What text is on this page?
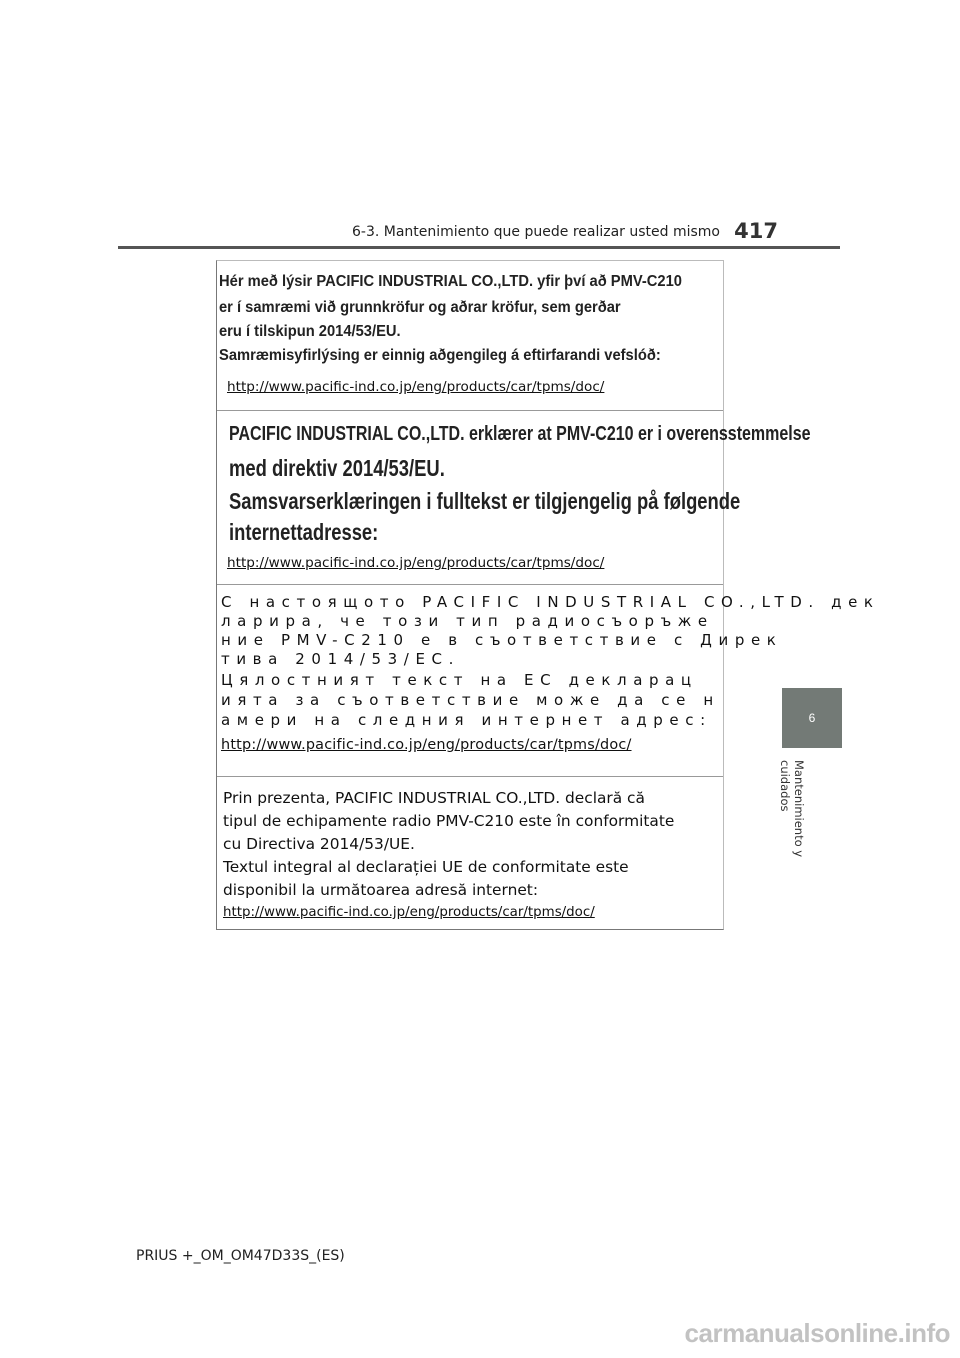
6-3. Mantenimiento que puede realizar usted mismo 417
6
Mantenimiento y cuidados
Hér með lýsir PACIFIC INDUSTRIAL CO.,LTD. yfir því að PMV-C210
er í samræmi við grunnkröfur og aðrar kröfur, sem gerðar
eru í tilskipun 2014/53/EU.
Samræmisyfirlýsing er einnig aðgengileg á eftirfarandi vefslóð:
http://www.pacific-ind.co.jp/eng/products/car/tpms/doc/
PACIFIC INDUSTRIAL CO.,LTD. erklærer at PMV-C210 er i overensstemmelse
med direktiv 2014/53/EU.
Samsvarserklæringen i fulltekst er tilgjengelig på følgende
internettadresse:
http://www.pacific-ind.co.jp/eng/products/car/tpms/doc/
С настоящото PACIFIC INDUSTRIAL CO.,LTD. дек
ларира, че този тип радиосъоръже
ние PMV-C210 е в съответствие с Дирек
тива 2014/53/ЕС.
Цялостният текст на ЕС декларац
ията за съответствие може да се н
амери на следния интернет адрес:
http://www.pacific-ind.co.jp/eng/products/car/tpms/doc/
Prin prezenta, PACIFIC INDUSTRIAL CO.,LTD. declară că
tipul de echipamente radio PMV-C210 este în conformitate
cu Directiva 2014/53/UE.
Textul integral al declarației UE de conformitate este
disponibil la următoarea adresă internet:
http://www.pacific-ind.co.jp/eng/products/car/tpms/doc/
PRIUS +_OM_OM47D33S_(ES)
carmanualsonline.info
